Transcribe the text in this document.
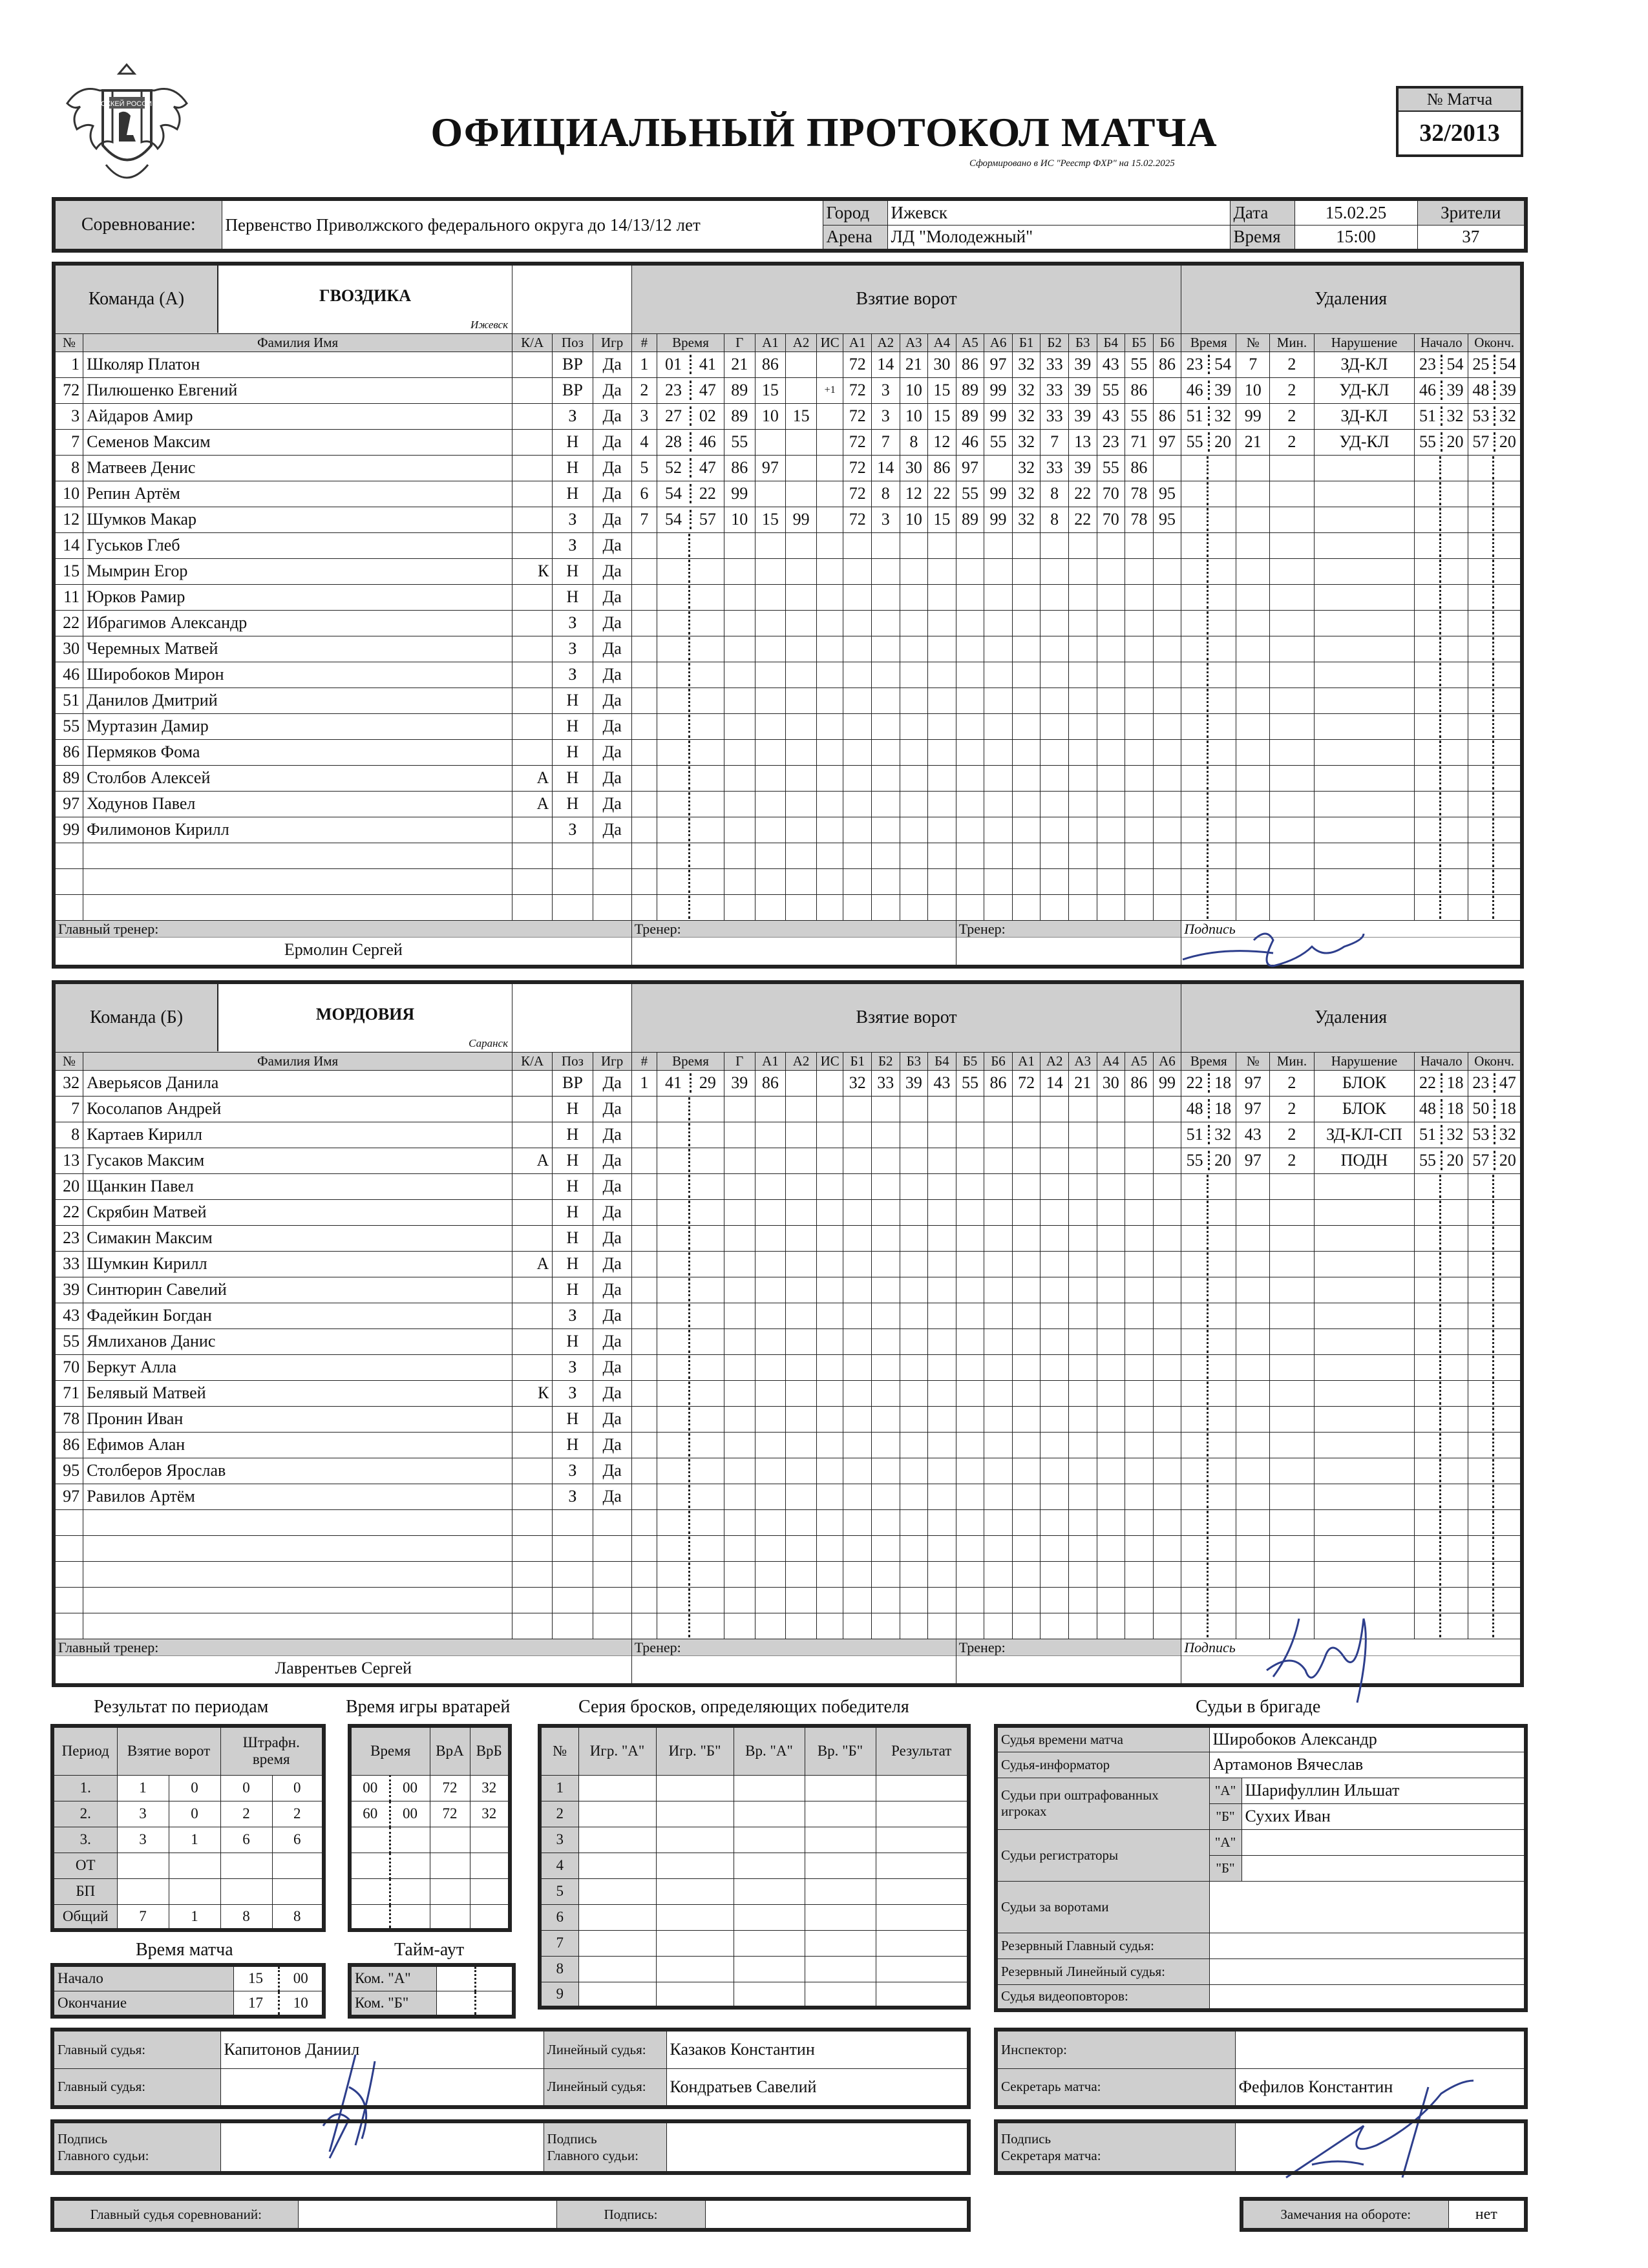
ХОККЕЙ РОССИИ
ОФИЦИАЛЬНЫЙ ПРОТОКОЛ МАТЧА
Сформировано в ИС "Реестр ФХР" на 15.02.2025
№ Матча
32/2013
Соревнование:	Первенство Приволжского федерального округа до 14/13/12 лет	Город	Ижевск	Дата	15.02.25	Зрители
		Арена	ЛД "Молодежный"	Время	15:00	37
Команда (А) ГВОЗДИКА
Ижевск					Взятие ворот																		Удаления					
№	Фамилия Имя	К/А	Поз	Игр	#	Время	Г	А1	А2	ИС	А1	А2	А3	А4	А5	А6	Б1	Б2	Б3	Б4	Б5	Б6	Время	№	Мин.	Нарушение	Начало	Оконч.
1	Школяр Платон		ВР	Да	1	01 41	21	86			72	14	21	30	86	97	32	33	39	43	55	86	23 54	7	2	ЗД-КЛ	23 54	25 54

72	Пилюшенко Евгений		ВР	Да	2	23 47	89	15		+1	72	3	10	15	89	99	32	33	39	55	86		46 39	10	2	УД-КЛ	46 39	48 39

3	Айдаров Амир		З	Да	3	27 02	89	10	15		72	3	10	15	89	99	32	33	39	43	55	86	51 32	99	2	ЗД-КЛ	51 32	53 32

7	Семенов Максим		Н	Да	4	28 46	55				72	7	8	12	46	55	32	7	13	23	71	97	55 20	21	2	УД-КЛ	55 20	57 20

8	Матвеев Денис		Н	Да	5	52 47	86	97			72	14	30	86	97		32	33	39	55	86		

10	Репин Артём		Н	Да	6	54 22	99				72	8	12	22	55	99	32	8	22	70	78	95	

12	Шумков Макар		З	Да	7	54 57	10	15	99		72	3	10	15	89	99	32	8	22	70	78	95	

14	Гуськов Глеб		З	Да		

15	Мымрин Егор	К	Н	Да		

11	Юрков Рамир		Н	Да		

22	Ибрагимов Александр		З	Да		

30	Черемных Матвей		З	Да		

46	Широбоков Мирон		З	Да		

51	Данилов Дмитрий		Н	Да		

55	Муртазин Дамир		Н	Да		

86	Пермяков Фома		Н	Да		

89	Столбов Алексей	А	Н	Да		

97	Ходунов Павел	А	Н	Да		

99	Филимонов Кирилл		З	Да		

Главный тренер:
Ермолин Сергей					Тренер:										Тренер:								Подпись					
Команда (Б) МОРДОВИЯ
Саранск					Взятие ворот																		Удаления					
№	Фамилия Имя	К/А	Поз	Игр	#	Время	Г	А1	А2	ИС	Б1	Б2	Б3	Б4	Б5	Б6	А1	А2	А3	А4	А5	А6	Время	№	Мин.	Нарушение	Начало	Оконч.
32	Аверьясов Данила		ВР	Да	1	41 29	39	86			32	33	39	43	55	86	72	14	21	30	86	99	22 18	97	2	БЛОК	22 18	23 47

7	Косолапов Андрей		Н	Да																			48 18	97	2	БЛОК	48 18	50 18

8	Картаев Кирилл		Н	Да																			51 32	43	2	ЗД-КЛ-СП	51 32	53 32

13	Гусаков Максим	А	Н	Да																			55 20	97	2	ПОДН	55 20	57 20

20	Щанкин Павел		Н	Да		

22	Скрябин Матвей		Н	Да		

23	Симакин Максим		Н	Да		

33	Шумкин Кирилл	А	Н	Да		

39	Синтюрин Савелий		Н	Да		

43	Фадейкин Богдан		З	Да		

55	Ямлиханов Данис		Н	Да		

70	Беркут Алла		З	Да		

71	Белявый Матвей	К	З	Да		

78	Пронин Иван		Н	Да		

86	Ефимов Алан		Н	Да		

95	Столберов Ярослав		З	Да		

97	Равилов Артём		З	Да		

Главный тренер:
Лаврентьев Сергей					Тренер:										Тренер:								Подпись					
Результат по периодам	Время игры вратарей	Серия бросков, определяющих победителя	Судьи в бригаде
Период	Взятие ворот		Штрафн. время	
1.	1	0	0	0
2.	3	0	2	2
3.	3	1	6	6
ОТ				
БП				
Общий	7	1	8	8
Время		ВрА	ВрБ
00	00	72	32
60	00	72	32

Время матча
Начало	15	00
Окончание	17	10
Тайм-аут
Ком. "А"		
Ком. "Б"		
№	Игр. "А"	Игр. "Б"	Вр. "А"	Вр. "Б"	Результат
1					
2					
3					
4					
5					
6					
7					
8					
9					
Судья времени матча	Широбоков Александр	
Судья-информатор	Артамонов Вячеслав	
Судьи при оштрафованных игроках	"А"	Шарифуллин Ильшат
	"Б"	Сухих Иван
Судьи регистраторы	"А"	
	"Б"	
Судьи за воротами		
Резервный Главный судья:		
Резервный Линейный судья:		
Судья видеоповторов:		
Главный судья:	Капитонов Даниил	Линейный судья:	Казаков Константин
Главный судья:		Линейный судья:	Кондратьев Савелий
Подпись
Главного судьи:		Подпись
Главного судьи:	
Инспектор:	
Секретарь матча:	Фефилов Константин
Подпись
Секретаря матча:	
Главный судья соревнований:		Подпись:		Замечания на обороте:	нет
